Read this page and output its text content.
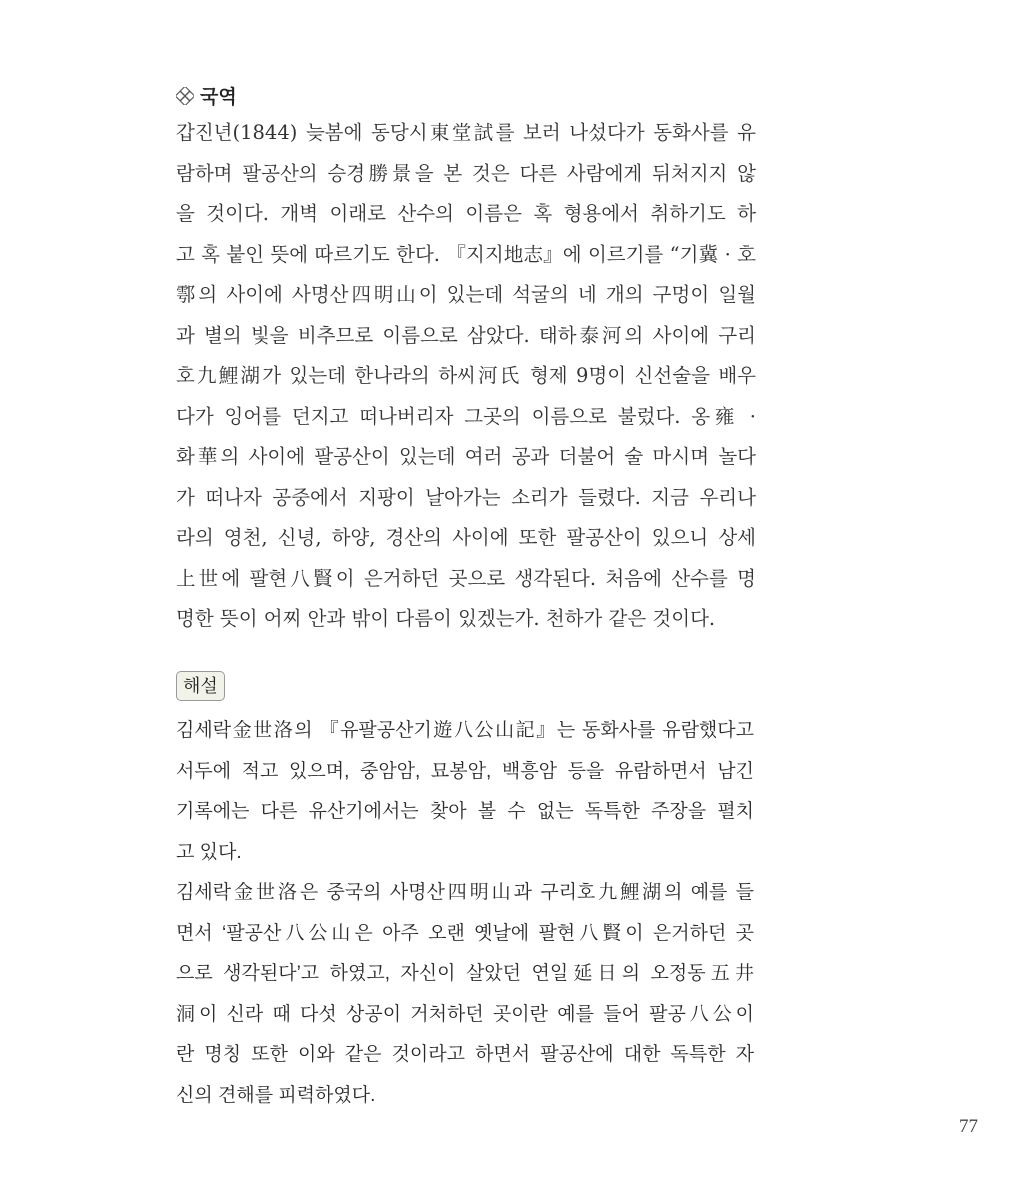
국역
갑진년(1844) 늦봄에 동당시東堂試를 보러 나섰다가 동화사를 유
람하며 팔공산의 승경勝景을 본 것은 다른 사람에게 뒤처지지 않
을 것이다. 개벽 이래로 산수의 이름은 혹 형용에서 취하기도 하
고 혹 붙인 뜻에 따르기도 한다. 『지지地志』에 이르기를 “기冀 · 호
鄠의 사이에 사명산四明山이 있는데 석굴의 네 개의 구멍이 일월
과 별의 빛을 비추므로 이름으로 삼았다. 태하泰河의 사이에 구리
호九鯉湖가 있는데 한나라의 하씨河氏 형제 9명이 신선술을 배우
다가 잉어를 던지고 떠나버리자 그곳의 이름으로 불렀다. 옹雍 ·
화華의 사이에 팔공산이 있는데 여러 공과 더불어 술 마시며 놀다
가 떠나자 공중에서 지팡이 날아가는 소리가 들렸다. 지금 우리나
라의 영천, 신녕, 하양, 경산의 사이에 또한 팔공산이 있으니 상세
上世에 팔현八賢이 은거하던 곳으로 생각된다. 처음에 산수를 명
명한 뜻이 어찌 안과 밖이 다름이 있겠는가. 천하가 같은 것이다.
해설
김세락金世洛의 『유팔공산기遊八公山記』는 동화사를 유람했다고
서두에 적고 있으며, 중암암, 묘봉암, 백흥암 등을 유람하면서 남긴
기록에는 다른 유산기에서는 찾아 볼 수 없는 독특한 주장을 펼치
고 있다.
김세락金世洛은 중국의 사명산四明山과 구리호九鯉湖의 예를 들
면서 ‘팔공산八公山은 아주 오랜 옛날에 팔현八賢이 은거하던 곳
으로 생각된다’고 하였고, 자신이 살았던 연일延日의 오정동五井
洞이 신라 때 다섯 상공이 거처하던 곳이란 예를 들어 팔공八公이
란 명칭 또한 이와 같은 것이라고 하면서 팔공산에 대한 독특한 자
신의 견해를 피력하였다.
77
